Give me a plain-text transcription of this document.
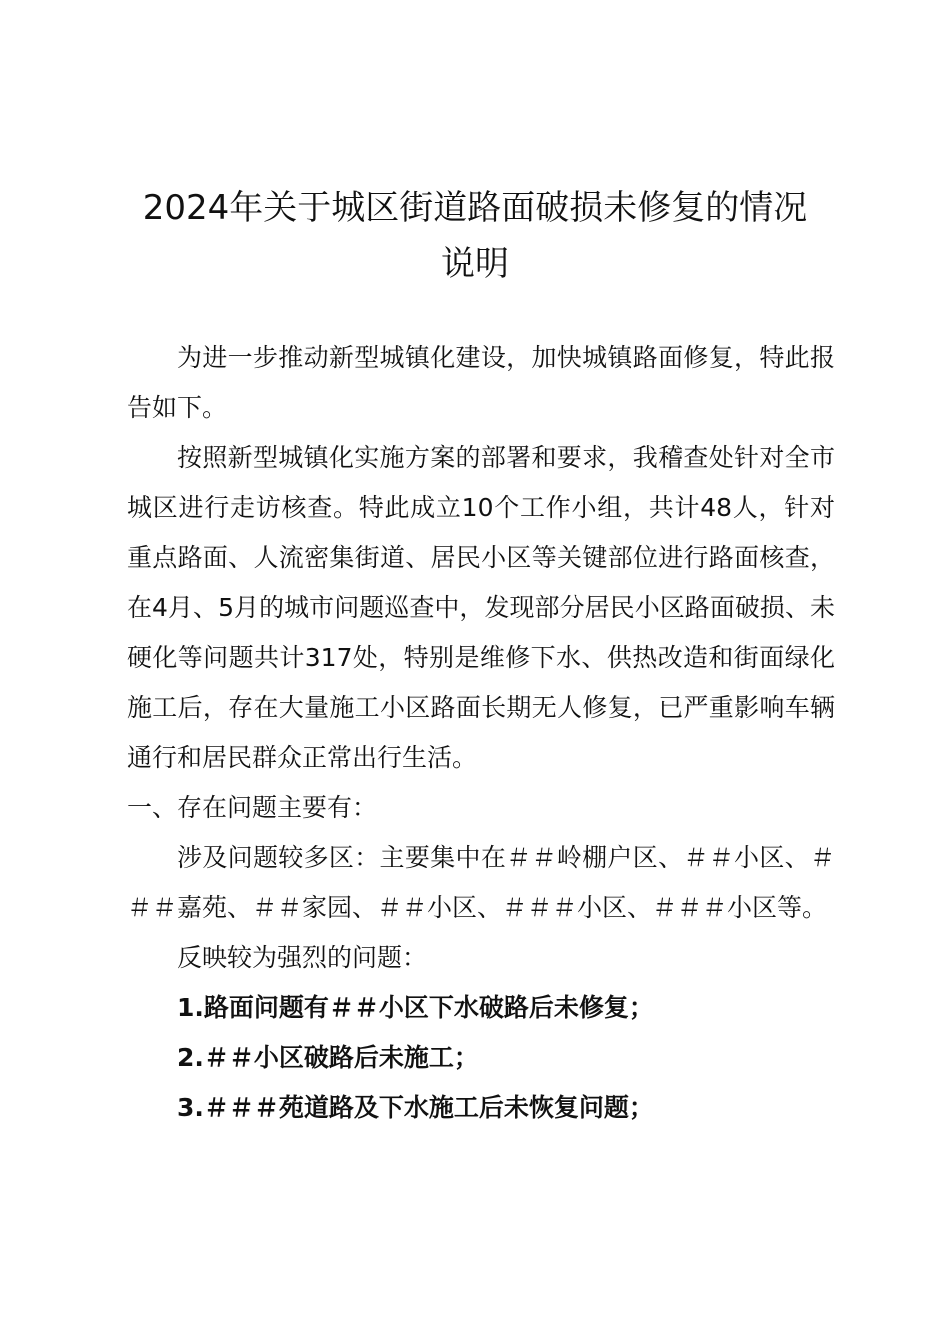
2024年关于城区街道路面破损未修复的情况
说明

为进一步推动新型城镇化建设，加快城镇路面修复，特此报告如下。

按照新型城镇化实施方案的部署和要求，我稽查处针对全市城区进行走访核查。特此成立10个工作小组，共计48人，针对重点路面、人流密集街道、居民小区等关键部位进行路面核查，在4月、5月的城市问题巡查中，发现部分居民小区路面破损、未硬化等问题共计317处，特别是维修下水、供热改造和街面绿化施工后，存在大量施工小区路面长期无人修复，已严重影响车辆通行和居民群众正常出行生活。

一、存在问题主要有：

涉及问题较多区：主要集中在＃＃岭棚户区、＃＃小区、＃＃＃嘉苑、＃＃家园、＃＃小区、＃＃＃小区、＃＃＃小区等。

反映较为强烈的问题：

1.路面问题有＃＃小区下水破路后未修复；

2.＃＃小区破路后未施工；

3.＃＃＃苑道路及下水施工后未恢复问题；
